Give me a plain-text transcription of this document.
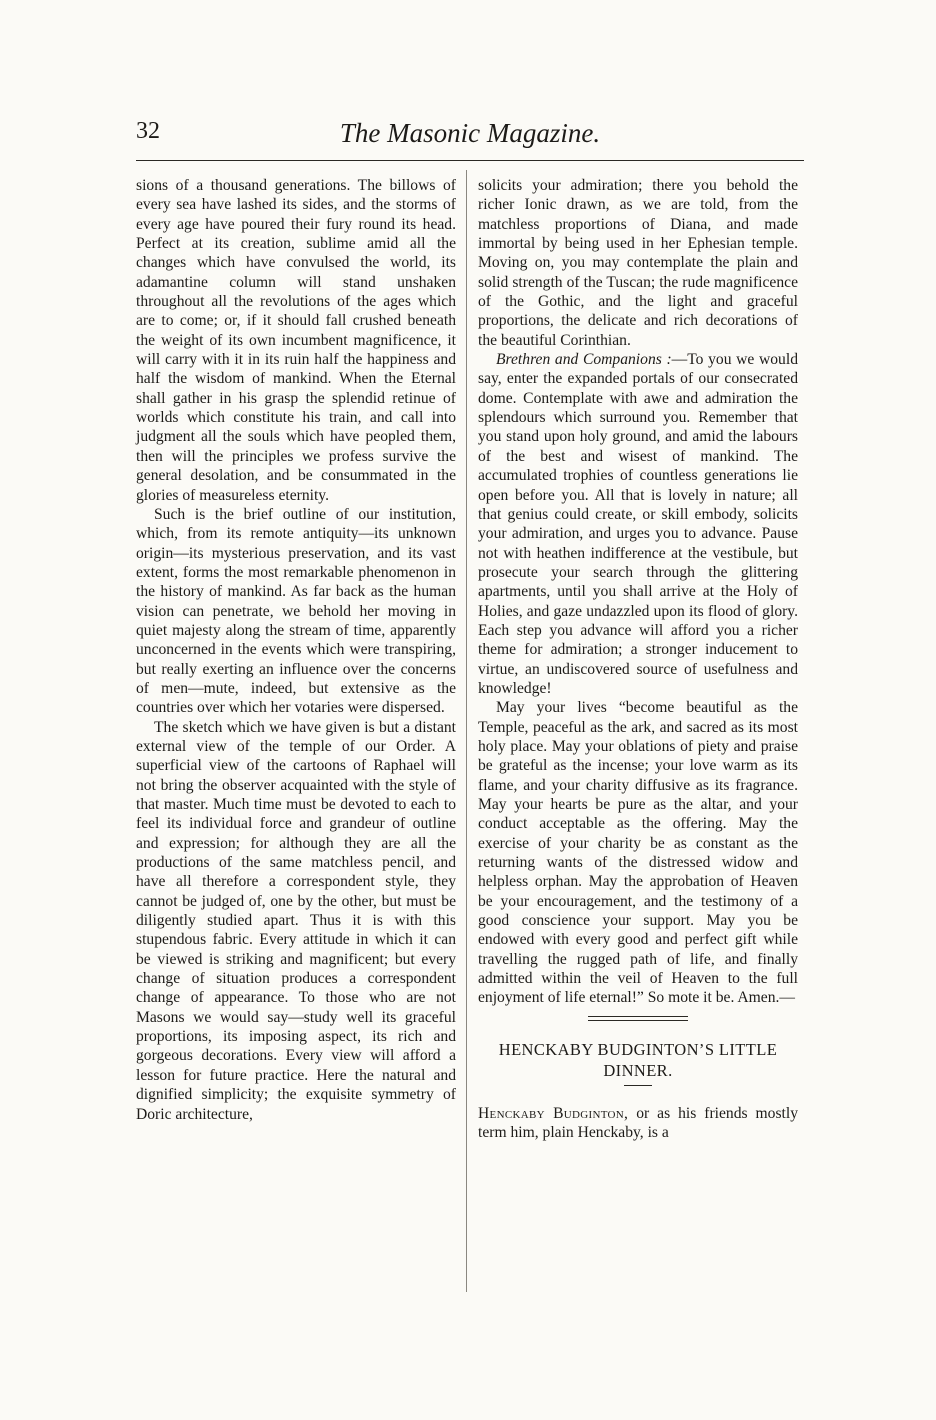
32	The Masonic Magazine.

sions of a thousand generations. The billows of every sea have lashed its sides, and the storms of every age have poured their fury round its head. Perfect at its creation, sublime amid all the changes which have convulsed the world, its adamantine column will stand unshaken throughout all the revolutions of the ages which are to come; or, if it should fall crushed beneath the weight of its own incumbent magnificence, it will carry with it in its ruin half the happiness and half the wisdom of mankind. When the Eternal shall gather in his grasp the splendid retinue of worlds which constitute his train, and call into judgment all the souls which have peopled them, then will the principles we profess survive the general desolation, and be consummated in the glories of measureless eternity.

Such is the brief outline of our institution, which, from its remote antiquity—its unknown origin—its mysterious preservation, and its vast extent, forms the most remarkable phenomenon in the history of mankind. As far back as the human vision can penetrate, we behold her moving in quiet majesty along the stream of time, apparently unconcerned in the events which were transpiring, but really exerting an influence over the concerns of men—mute, indeed, but extensive as the countries over which her votaries were dispersed.

The sketch which we have given is but a distant external view of the temple of our Order. A superficial view of the cartoons of Raphael will not bring the observer acquainted with the style of that master. Much time must be devoted to each to feel its individual force and grandeur of outline and expression; for although they are all the productions of the same matchless pencil, and have all therefore a correspondent style, they cannot be judged of, one by the other, but must be diligently studied apart. Thus it is with this stupendous fabric. Every attitude in which it can be viewed is striking and magnificent; but every change of situation produces a correspondent change of appearance. To those who are not Masons we would say—study well its graceful proportions, its imposing aspect, its rich and gorgeous decorations. Every view will afford a lesson for future practice. Here the natural and dignified simplicity; the exquisite symmetry of Doric architecture,

solicits your admiration; there you behold the richer Ionic drawn, as we are told, from the matchless proportions of Diana, and made immortal by being used in her Ephesian temple. Moving on, you may contemplate the plain and solid strength of the Tuscan; the rude magnificence of the Gothic, and the light and graceful proportions, the delicate and rich decorations of the beautiful Corinthian.

Brethren and Companions :—To you we would say, enter the expanded portals of our consecrated dome. Contemplate with awe and admiration the splendours which surround you. Remember that you stand upon holy ground, and amid the labours of the best and wisest of mankind. The accumulated trophies of countless generations lie open before you. All that is lovely in nature; all that genius could create, or skill embody, solicits your admiration, and urges you to advance. Pause not with heathen indifference at the vestibule, but prosecute your search through the glittering apartments, until you shall arrive at the Holy of Holies, and gaze undazzled upon its flood of glory. Each step you advance will afford you a richer theme for admiration; a stronger inducement to virtue, an undiscovered source of usefulness and knowledge!

May your lives “become beautiful as the Temple, peaceful as the ark, and sacred as its most holy place. May your oblations of piety and praise be grateful as the incense; your love warm as its flame, and your charity diffusive as its fragrance. May your hearts be pure as the altar, and your conduct acceptable as the offering. May the exercise of your charity be as constant as the returning wants of the distressed widow and helpless orphan. May the approbation of Heaven be your encouragement, and the testimony of a good conscience your support. May you be endowed with every good and perfect gift while travelling the rugged path of life, and finally admitted within the veil of Heaven to the full enjoyment of life eternal!” So mote it be. Amen.—

HENCKABY BUDGINTON’S LITTLE DINNER.

Henckaby Budginton, or as his friends mostly term him, plain Henckaby, is a
